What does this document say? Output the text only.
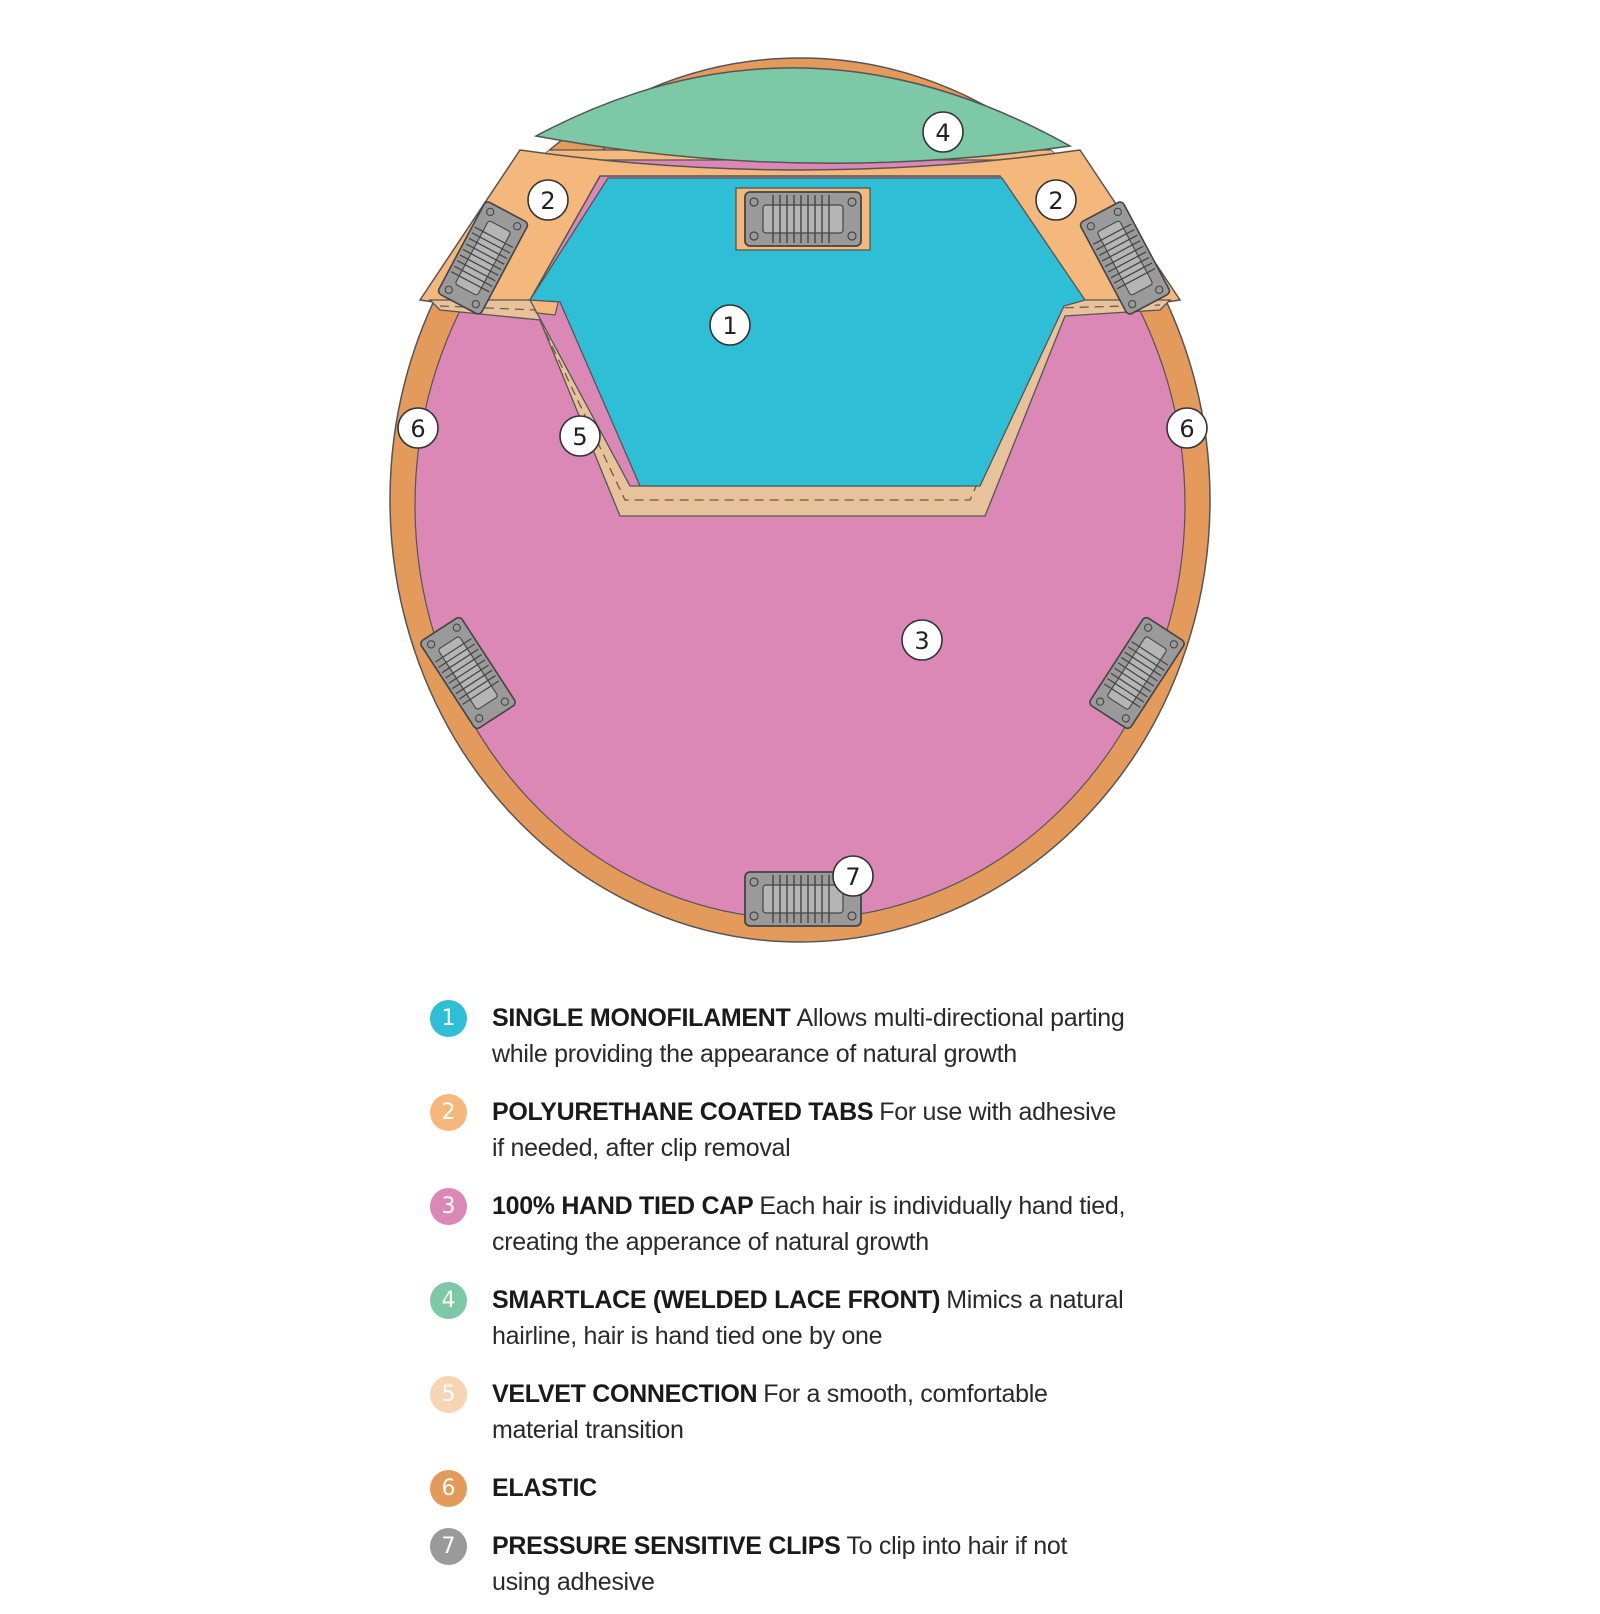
1
2	2
3
4
5
6	6
7
1	SINGLE MONOFILAMENT Allows multi-directional parting
while providing the appearance of natural growth
2	POLYURETHANE COATED TABS For use with adhesive
if needed, after clip removal
3	100% HAND TIED CAP Each hair is individually hand tied,
creating the apperance of natural growth
4	SMARTLACE (WELDED LACE FRONT) Mimics a natural
hairline, hair is hand tied one by one
5	VELVET CONNECTION For a smooth, comfortable
material transition
6	ELASTIC
7	PRESSURE SENSITIVE CLIPS To clip into hair if not
using adhesive
